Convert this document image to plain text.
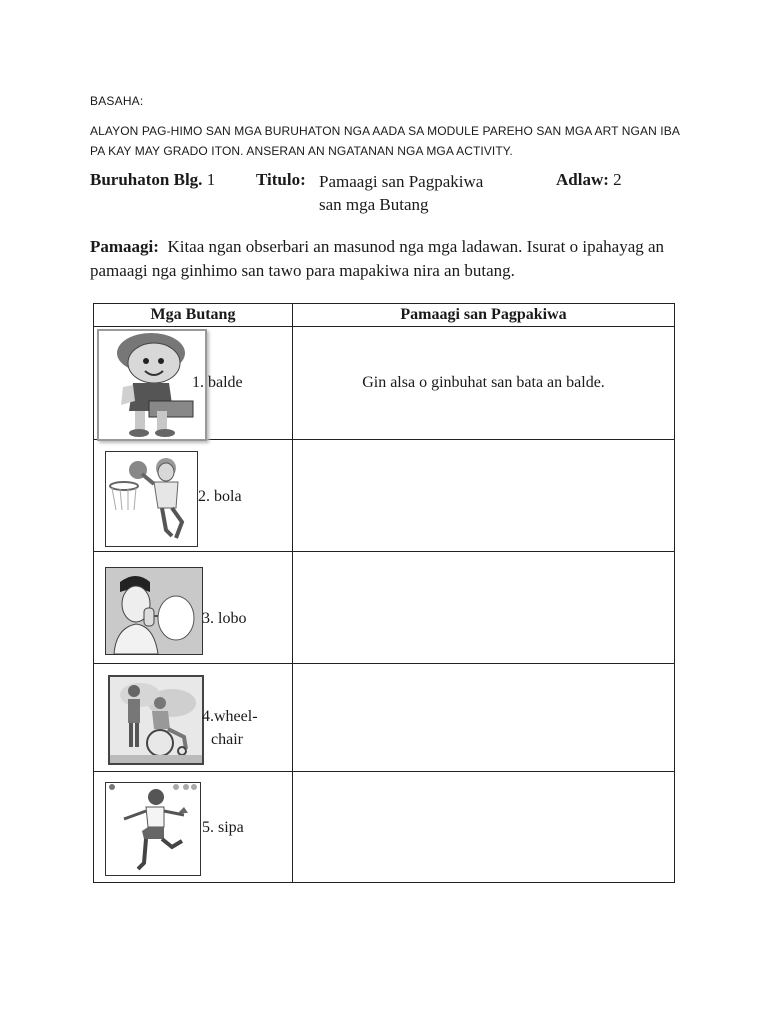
BASAHA:
ALAYON PAG-HIMO SAN MGA BURUHATON NGA AADA SA MODULE PAREHO SAN MGA ART NGAN IBA PA KAY MAY GRADO ITON. ANSERAN AN NGATANAN NGA MGA ACTIVITY.
Buruhaton Blg. 1 Titulo: Pamaagi san Pagpakiwa
san mga Butang
Adlaw: 2
Pamaagi: Kitaa ngan obserbari an masunod nga mga ladawan. Isurat o ipahayag an pamaagi nga ginhimo san tawo para mapakiwa nira an butang.
Mga Butang	Pamaagi san Pagpakiwa

1. balde	Gin alsa o ginbuhat san bata an balde.

2. bola	

3. lobo	

4.wheel-
chair	

5. sipa	
